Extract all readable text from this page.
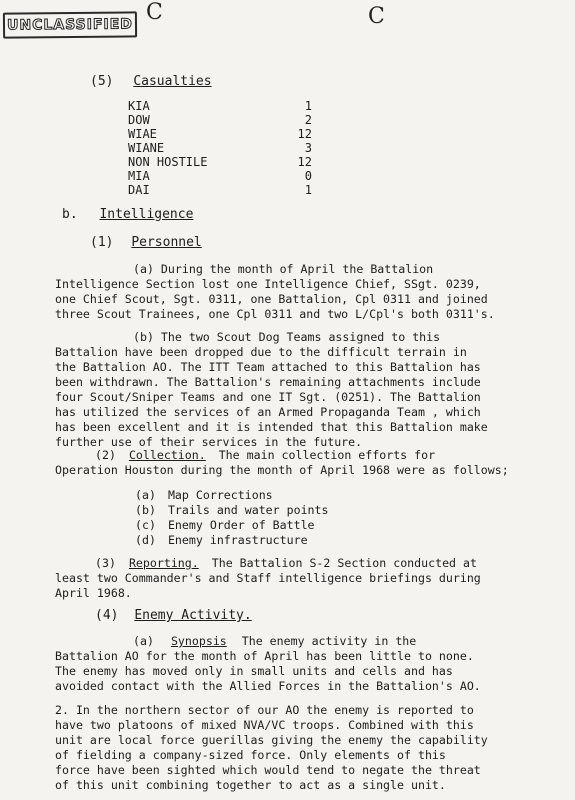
UNCLASSIFIED
C	C
(5) Casualties
KIA	1
DOW	2
WIAE	12
WIANE	3
NON HOSTILE	12
MIA	0
DAI	1
b. Intelligence
(1) Personnel
(a) During the month of April the Battalion
Intelligence Section lost one Intelligence Chief, SSgt. 0239,
one Chief Scout, Sgt. 0311, one Battalion, Cpl 0311 and joined
three Scout Trainees, one Cpl 0311 and two L/Cpl's both 0311's.
(b) The two Scout Dog Teams assigned to this
Battalion have been dropped due to the difficult terrain in
the Battalion AO. The ITT Team attached to this Battalion has
been withdrawn. The Battalion's remaining attachments include
four Scout/Sniper Teams and one IT Sgt. (0251). The Battalion
has utilized the services of an Armed Propaganda Team , which
has been excellent and it is intended that this Battalion make
further use of their services in the future.
(2) Collection. The main collection efforts for
Operation Houston during the month of April 1968 were as follows;
(a) Map Corrections
(b) Trails and water points
(c) Enemy Order of Battle
(d) Enemy infrastructure
(3) Reporting. The Battalion S-2 Section conducted at
least two Commander's and Staff intelligence briefings during
April 1968.
(4) Enemy Activity.
(a) Synopsis The enemy activity in the
Battalion AO for the month of April has been little to none.
The enemy has moved only in small units and cells and has
avoided contact with the Allied Forces in the Battalion's AO.
2. In the northern sector of our AO the enemy is reported to
have two platoons of mixed NVA/VC troops. Combined with this
unit are local force guerillas giving the enemy the capability
of fielding a company-sized force. Only elements of this
force have been sighted which would tend to negate the threat
of this unit combining together to act as a single unit.
